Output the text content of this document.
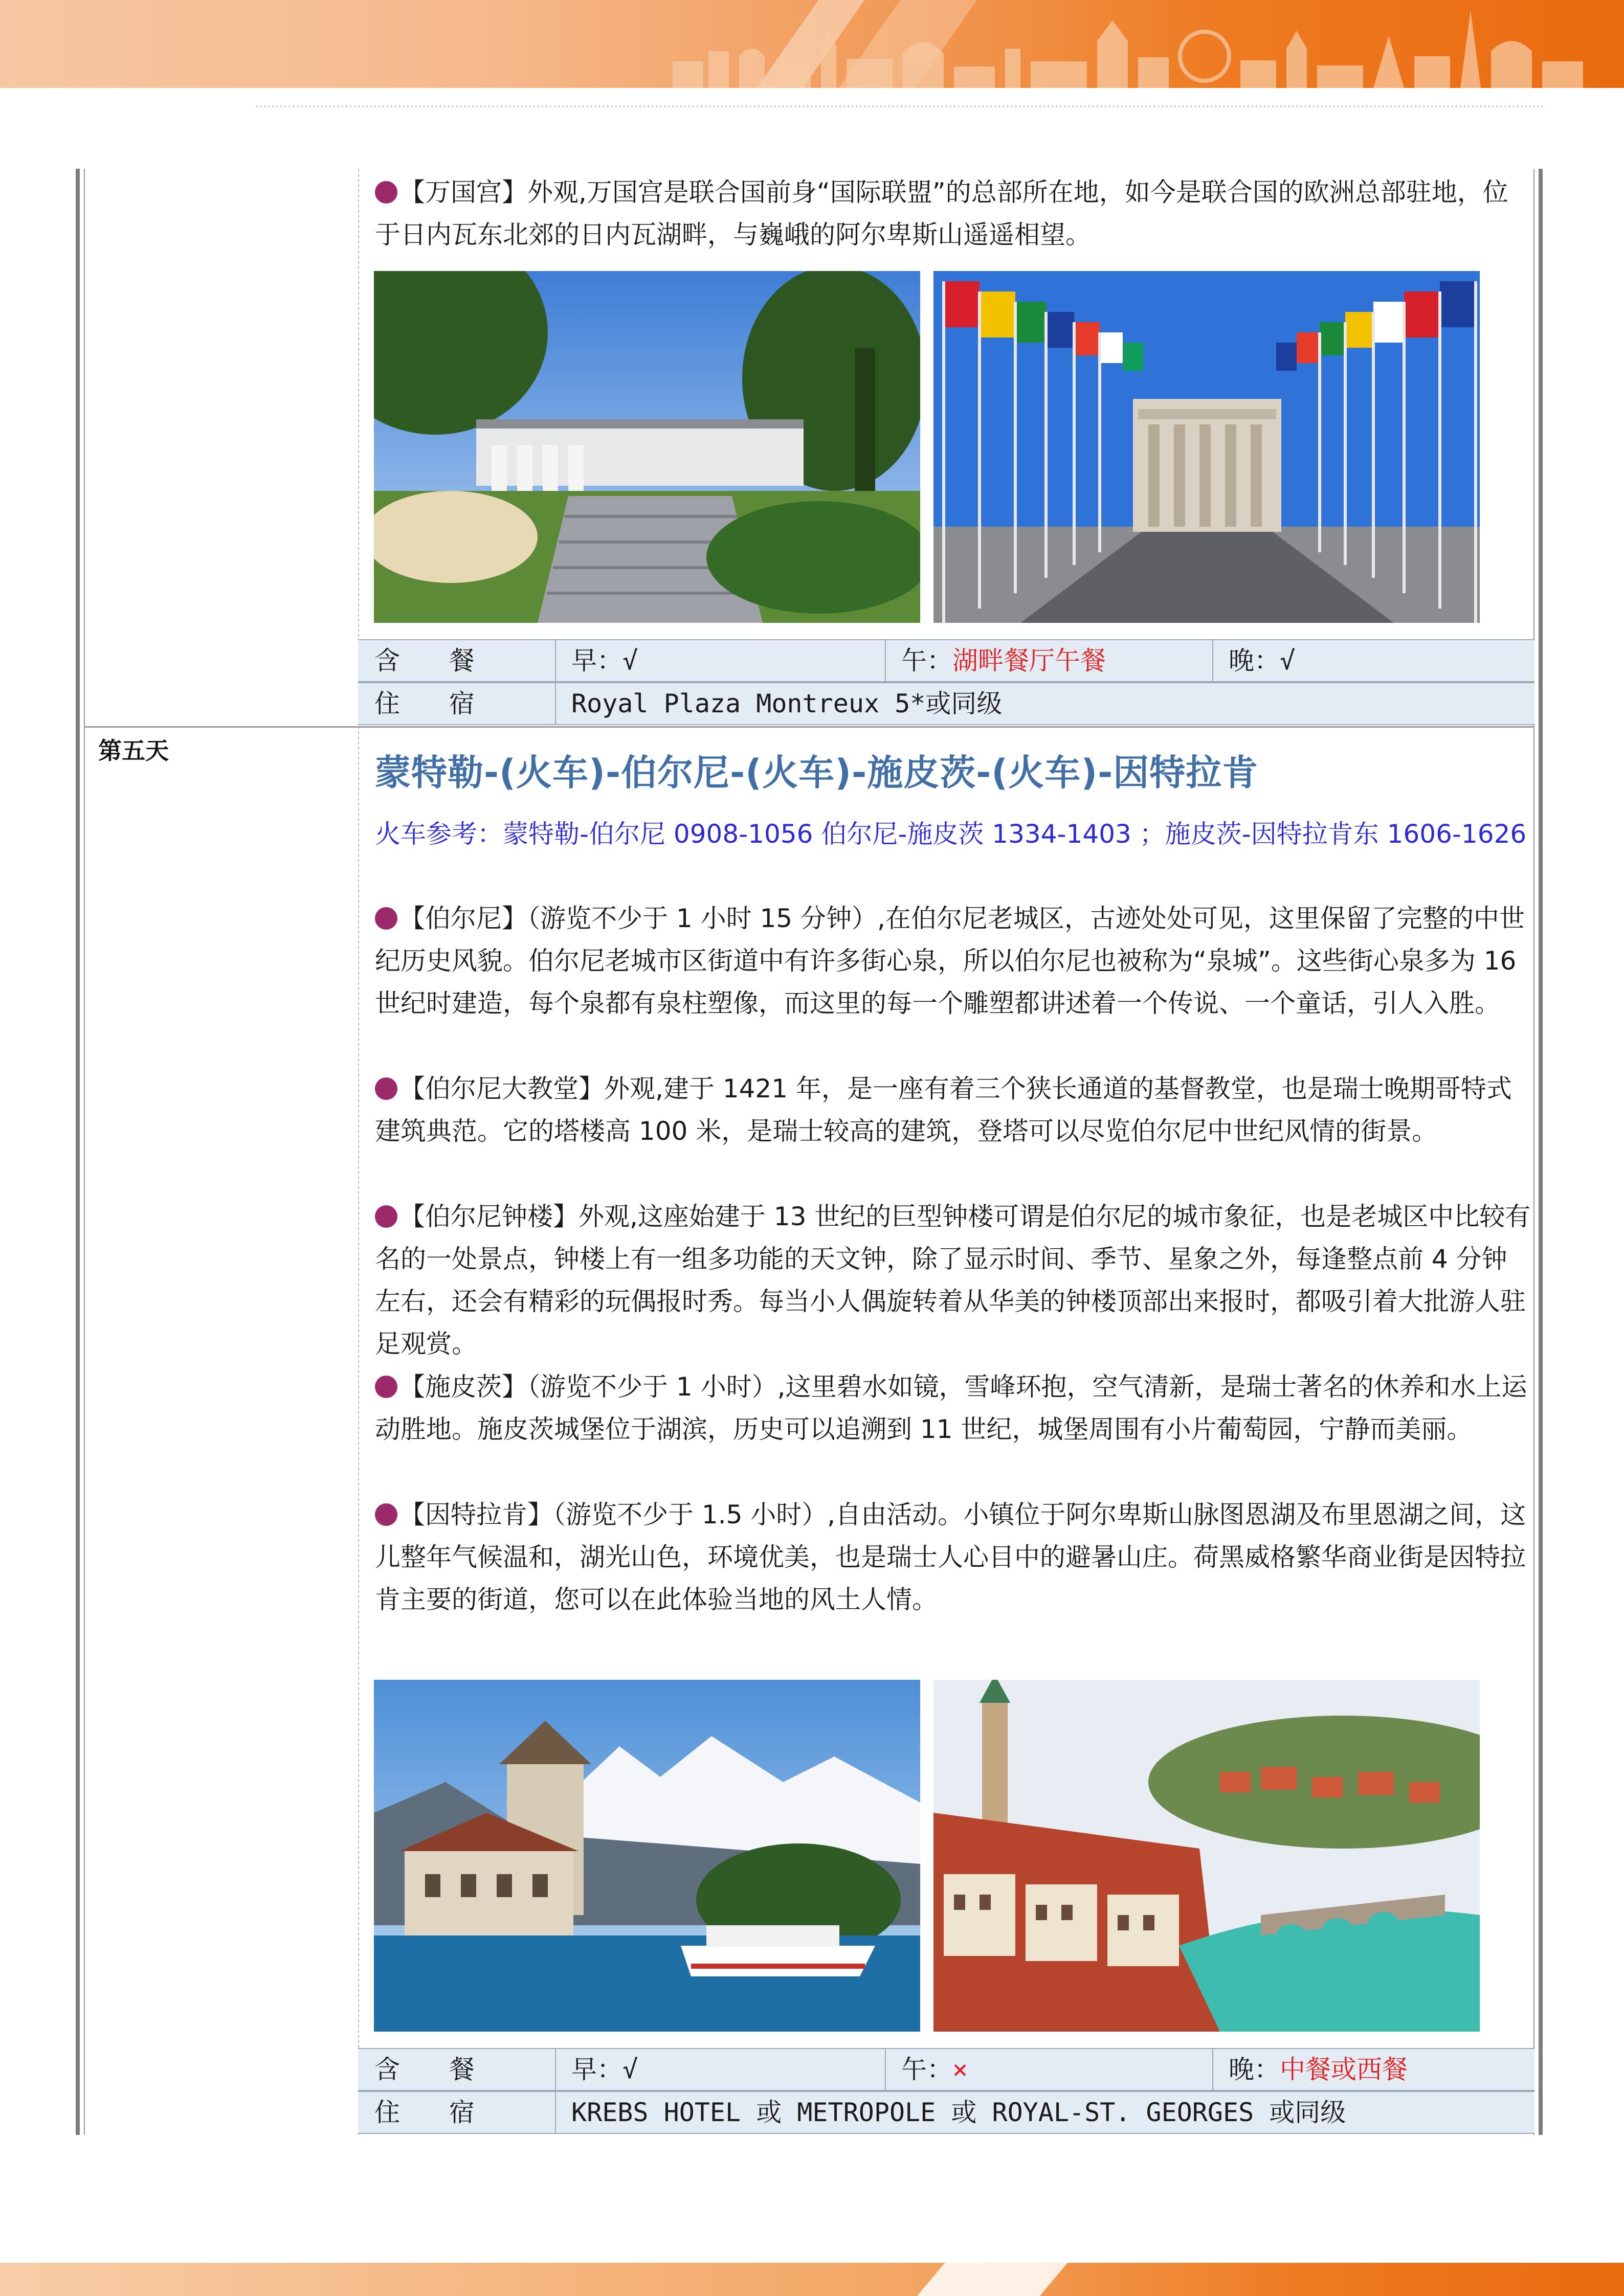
【万国宫】外观,万国宫是联合国前身“国际联盟”的总部所在地，如今是联合国的欧洲总部驻地，位于日内瓦东北郊的日内瓦湖畔，与巍峨的阿尔卑斯山遥遥相望。

含 餐	早：√	午：湖畔餐厅午餐	晚：√
住 宿	Royal Plaza Montreux 5*或同级
第五天
蒙特勒-(火车)-伯尔尼-(火车)-施皮茨-(火车)-因特拉肯

火车参考：蒙特勒-伯尔尼 0908-1056 伯尔尼-施皮茨 1334-1403 ；施皮茨-因特拉肯东 1606-1626

【伯尔尼】（游览不少于 1 小时 15 分钟）,在伯尔尼老城区，古迹处处可见，这里保留了完整的中世纪历史风貌。伯尔尼老城市区街道中有许多街心泉，所以伯尔尼也被称为“泉城”。这些街心泉多为 16 世纪时建造，每个泉都有泉柱塑像，而这里的每一个雕塑都讲述着一个传说、一个童话，引人入胜。

【伯尔尼大教堂】外观,建于 1421 年，是一座有着三个狭长通道的基督教堂，也是瑞士晚期哥特式建筑典范。它的塔楼高 100 米，是瑞士较高的建筑，登塔可以尽览伯尔尼中世纪风情的街景。

【伯尔尼钟楼】外观,这座始建于 13 世纪的巨型钟楼可谓是伯尔尼的城市象征，也是老城区中比较有名的一处景点，钟楼上有一组多功能的天文钟，除了显示时间、季节、星象之外，每逢整点前 4 分钟左右，还会有精彩的玩偶报时秀。每当小人偶旋转着从华美的钟楼顶部出来报时，都吸引着大批游人驻足观赏。

【施皮茨】（游览不少于 1 小时）,这里碧水如镜，雪峰环抱，空气清新，是瑞士著名的休养和水上运动胜地。施皮茨城堡位于湖滨，历史可以追溯到 11 世纪，城堡周围有小片葡萄园，宁静而美丽。

【因特拉肯】（游览不少于 1.5 小时）,自由活动。小镇位于阿尔卑斯山脉图恩湖及布里恩湖之间，这儿整年气候温和，湖光山色，环境优美，也是瑞士人心目中的避暑山庄。荷黑威格繁华商业街是因特拉肯主要的街道，您可以在此体验当地的风土人情。

含 餐	早：√	午：×	晚：中餐或西餐
住 宿	KREBS HOTEL 或 METROPOLE 或 ROYAL-ST. GEORGES 或同级
